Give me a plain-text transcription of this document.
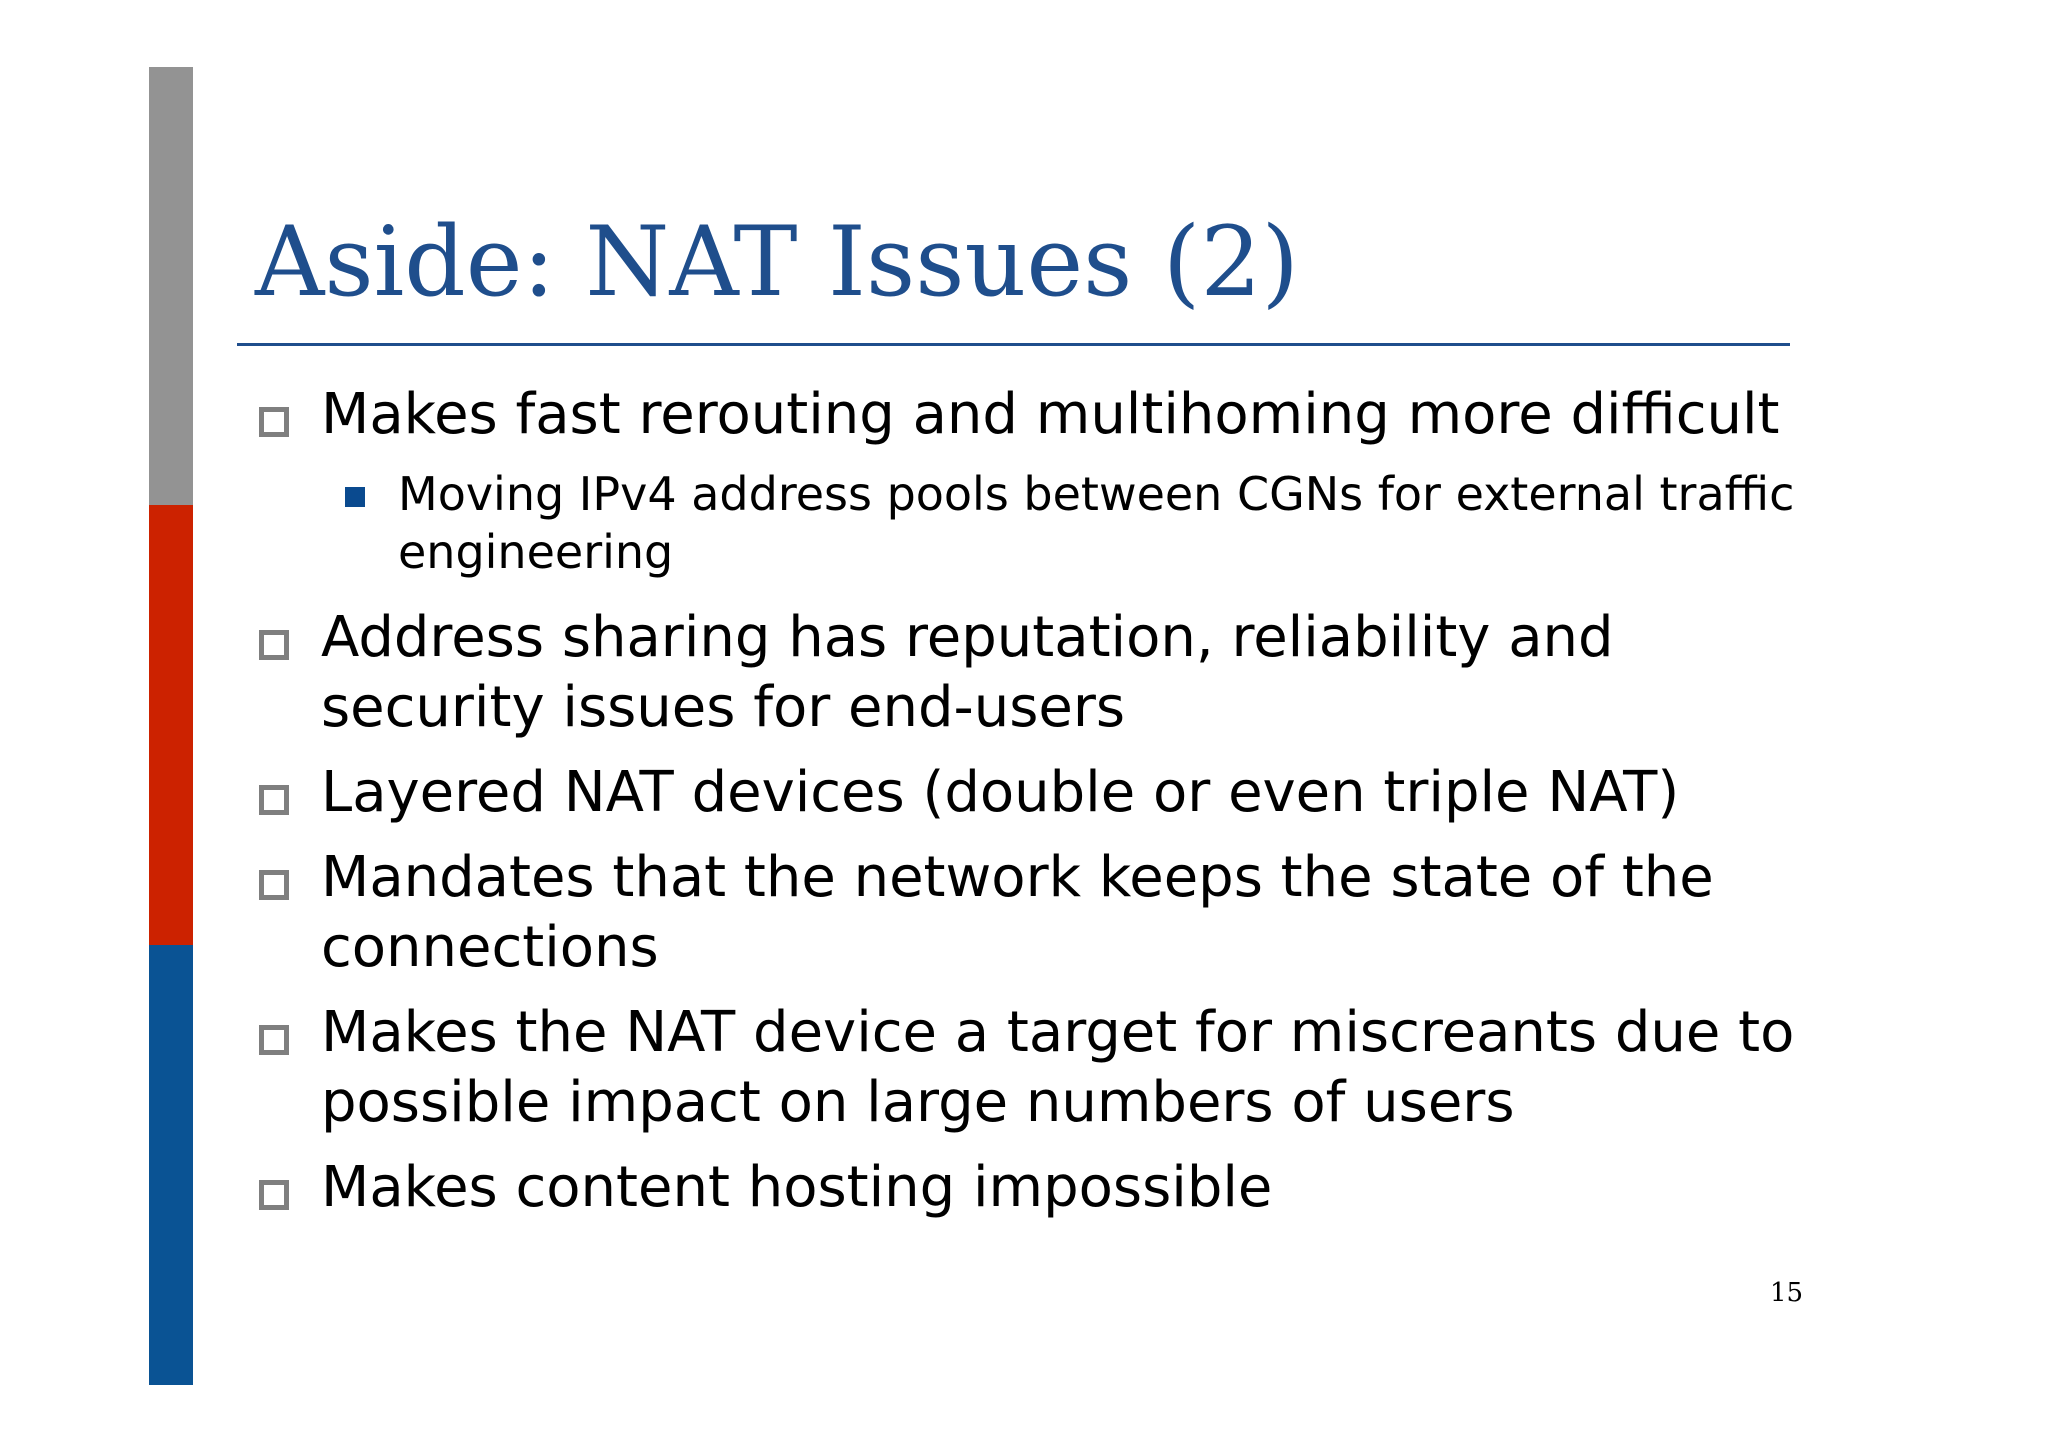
Aside: NAT Issues (2)
Makes fast rerouting and multihoming more difficult
Moving IPv4 address pools between CGNs for external traffic engineering
Address sharing has reputation, reliability and security issues for end-users
Layered NAT devices (double or even triple NAT)
Mandates that the network keeps the state of the connections
Makes the NAT device a target for miscreants due to possible impact on large numbers of users
Makes content hosting impossible
15
